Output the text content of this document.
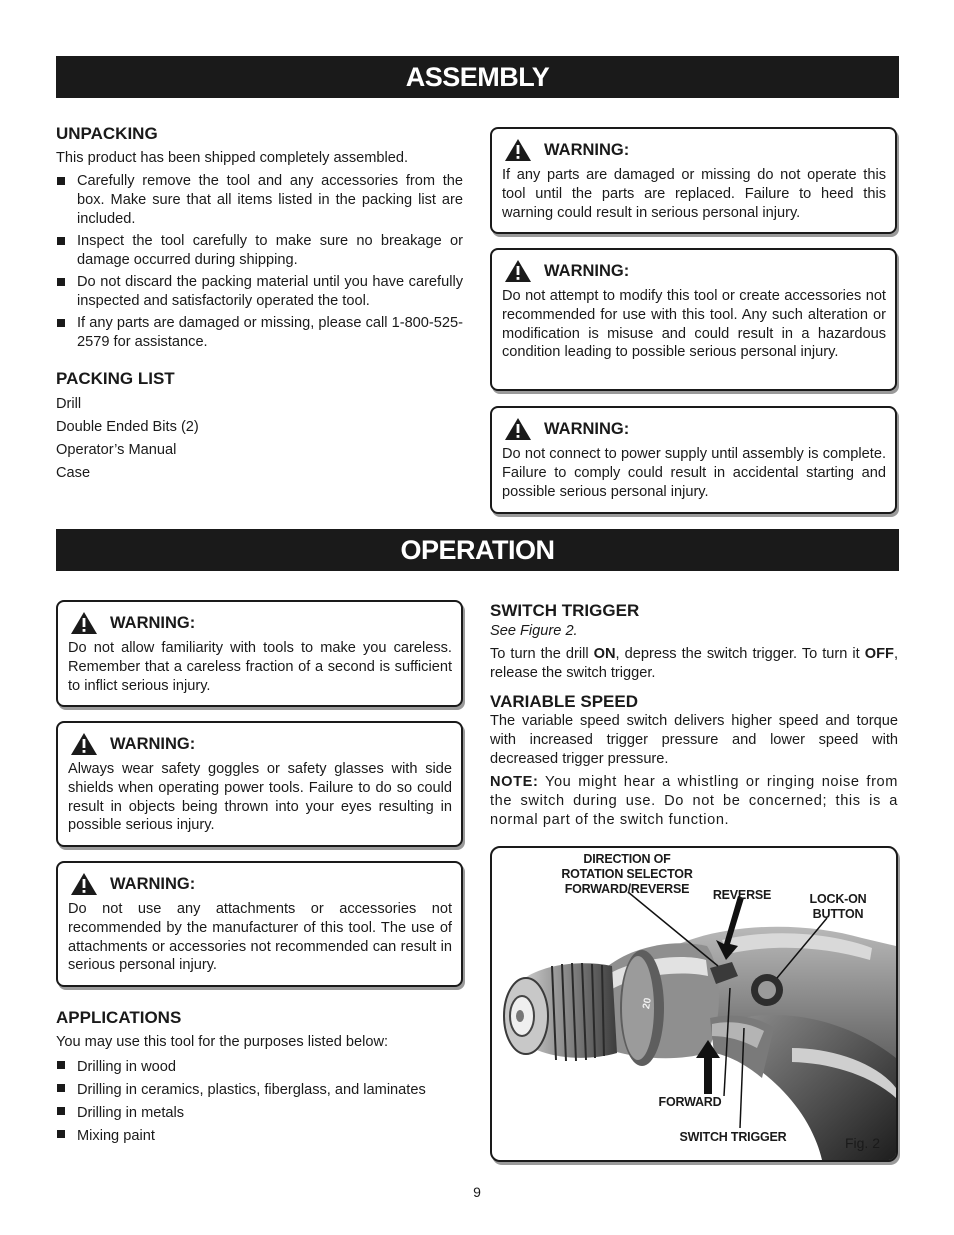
ASSEMBLY
UNPACKING

This product has been shipped completely assembled.

Carefully remove the tool and any accessories from the box. Make sure that all items listed in the packing list are included.
Inspect the tool carefully to make sure no breakage or damage occurred during shipping.
Do not discard the packing material until you have carefully inspected and satisfactorily operated the tool.
If any parts are damaged or missing, please call 1-800-525-2579 for assistance.
PACKING LIST
Drill
Double Ended Bits (2)
Operator’s Manual
Case
WARNING:

If any parts are damaged or missing do not operate this tool until the parts are replaced. Failure to heed this warning could result in serious personal injury.

WARNING:

Do not attempt to modify this tool or create accessories not recommended for use with this tool. Any such alteration or modification is misuse and could result in a hazardous condition leading to possible serious personal injury.

WARNING:

Do not connect to power supply until assembly is complete. Failure to comply could result in accidental starting and possible serious personal injury.

OPERATION
WARNING:

Do not allow familiarity with tools to make you careless. Remember that a careless fraction of a second is sufficient to inflict serious injury.

WARNING:

Always wear safety goggles or safety glasses with side shields when operating power tools. Failure to do so could result in objects being thrown into your eyes resulting in possible serious injury.

WARNING:

Do not use any attachments or accessories not recommended by the manufacturer of this tool. The use of attachments or accessories not recommended can result in serious personal injury.

APPLICATIONS

You may use this tool for the purposes listed below:

Drilling in wood
Drilling in ceramics, plastics, fiberglass, and laminates
Drilling in metals
Mixing paint
SWITCH TRIGGER

See Figure 2.

To turn the drill ON, depress the switch trigger. To turn it OFF, release the switch trigger.

VARIABLE SPEED

The variable speed switch delivers higher speed and torque with increased trigger pressure and lower speed with decreased trigger pressure.

NOTE: You might hear a whistling or ringing noise from the switch during use. Do not be concerned; this is a normal part of the switch function.

DIRECTION OF
ROTATION SELECTOR
FORWARD/REVERSE	REVERSE	LOCK-ON
BUTTON
FORWARD
SWITCH TRIGGER
20
Fig. 2
9
